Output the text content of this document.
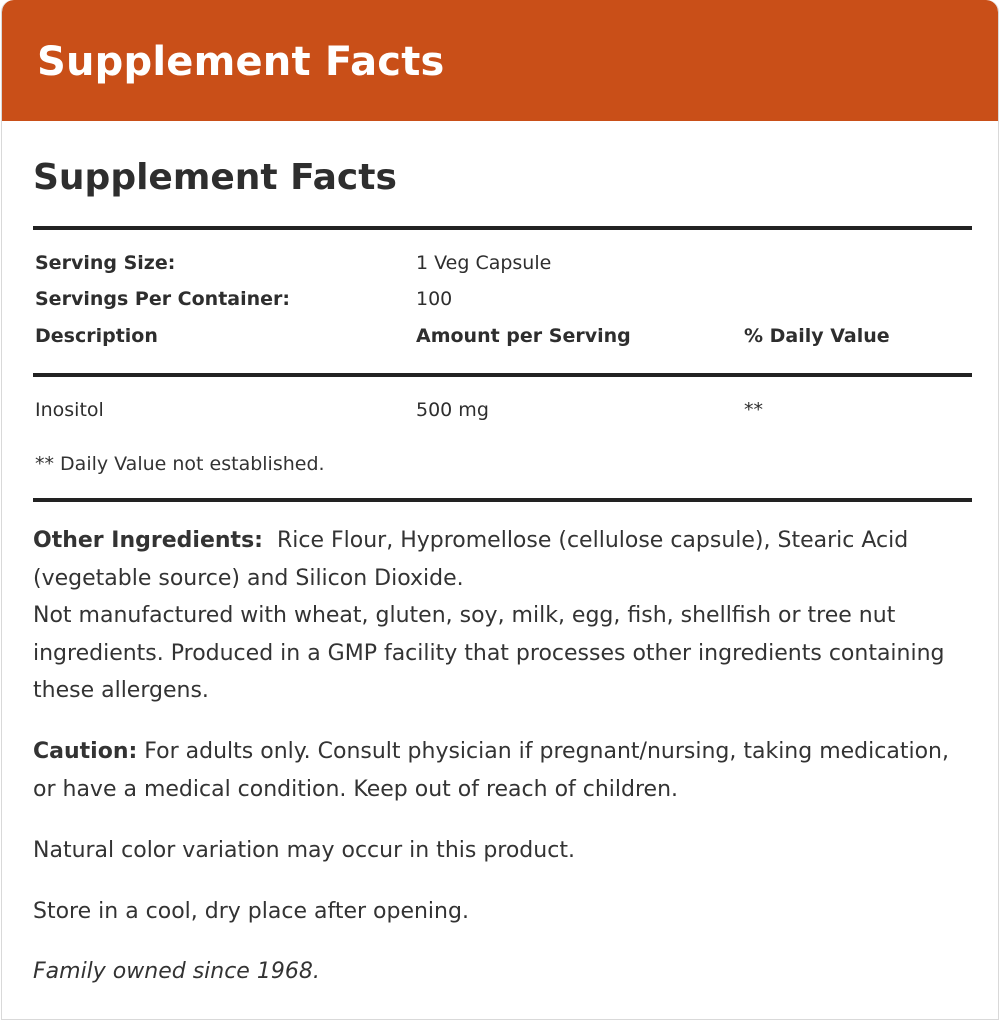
Supplement Facts
Supplement Facts
Serving Size:	1 Veg Capsule
Servings Per Container:	100
Description	Amount per Serving	% Daily Value
Inositol	500 mg	**
** Daily Value not established.
Other Ingredients: Rice Flour, Hypromellose (cellulose capsule), Stearic Acid (vegetable source) and Silicon Dioxide.
Not manufactured with wheat, gluten, soy, milk, egg, fish, shellfish or tree nut ingredients. Produced in a GMP facility that processes other ingredients containing these allergens.
Caution: For adults only. Consult physician if pregnant/nursing, taking medication, or have a medical condition. Keep out of reach of children.
Natural color variation may occur in this product.
Store in a cool, dry place after opening.
Family owned since 1968.
